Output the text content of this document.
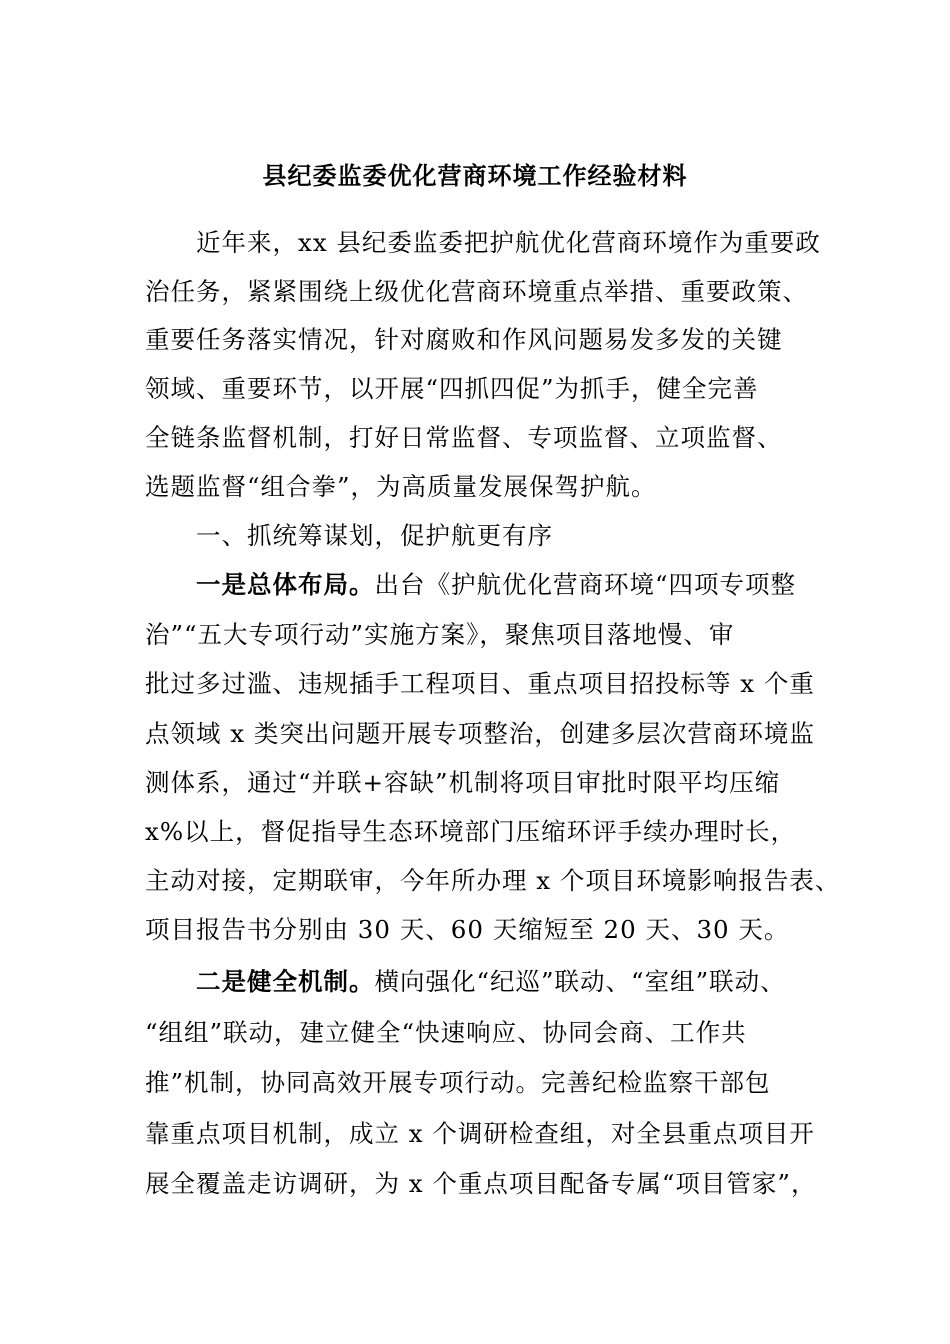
县纪委监委优化营商环境工作经验材料
　　近年来，xx 县纪委监委把护航优化营商环境作为重要政
治任务，紧紧围绕上级优化营商环境重点举措、重要政策、
重要任务落实情况，针对腐败和作风问题易发多发的关键
领域、重要环节，以开展“四抓四促”为抓手，健全完善
全链条监督机制，打好日常监督、专项监督、立项监督、
选题监督“组合拳”，为高质量发展保驾护航。
　　一、抓统筹谋划，促护航更有序
　　一是总体布局。出台《护航优化营商环境“四项专项整
治”“五大专项行动”实施方案》，聚焦项目落地慢、审
批过多过滥、违规插手工程项目、重点项目招投标等 x 个重
点领域 x 类突出问题开展专项整治，创建多层次营商环境监
测体系，通过“并联+容缺”机制将项目审批时限平均压缩
x%以上，督促指导生态环境部门压缩环评手续办理时长，
主动对接，定期联审，今年所办理 x 个项目环境影响报告表、
项目报告书分别由 30 天、60 天缩短至 20 天、30 天。
　　二是健全机制。横向强化“纪巡”联动、“室组”联动、
“组组”联动，建立健全“快速响应、协同会商、工作共
推”机制，协同高效开展专项行动。完善纪检监察干部包
靠重点项目机制，成立 x 个调研检查组，对全县重点项目开
展全覆盖走访调研，为 x 个重点项目配备专属“项目管家”，
